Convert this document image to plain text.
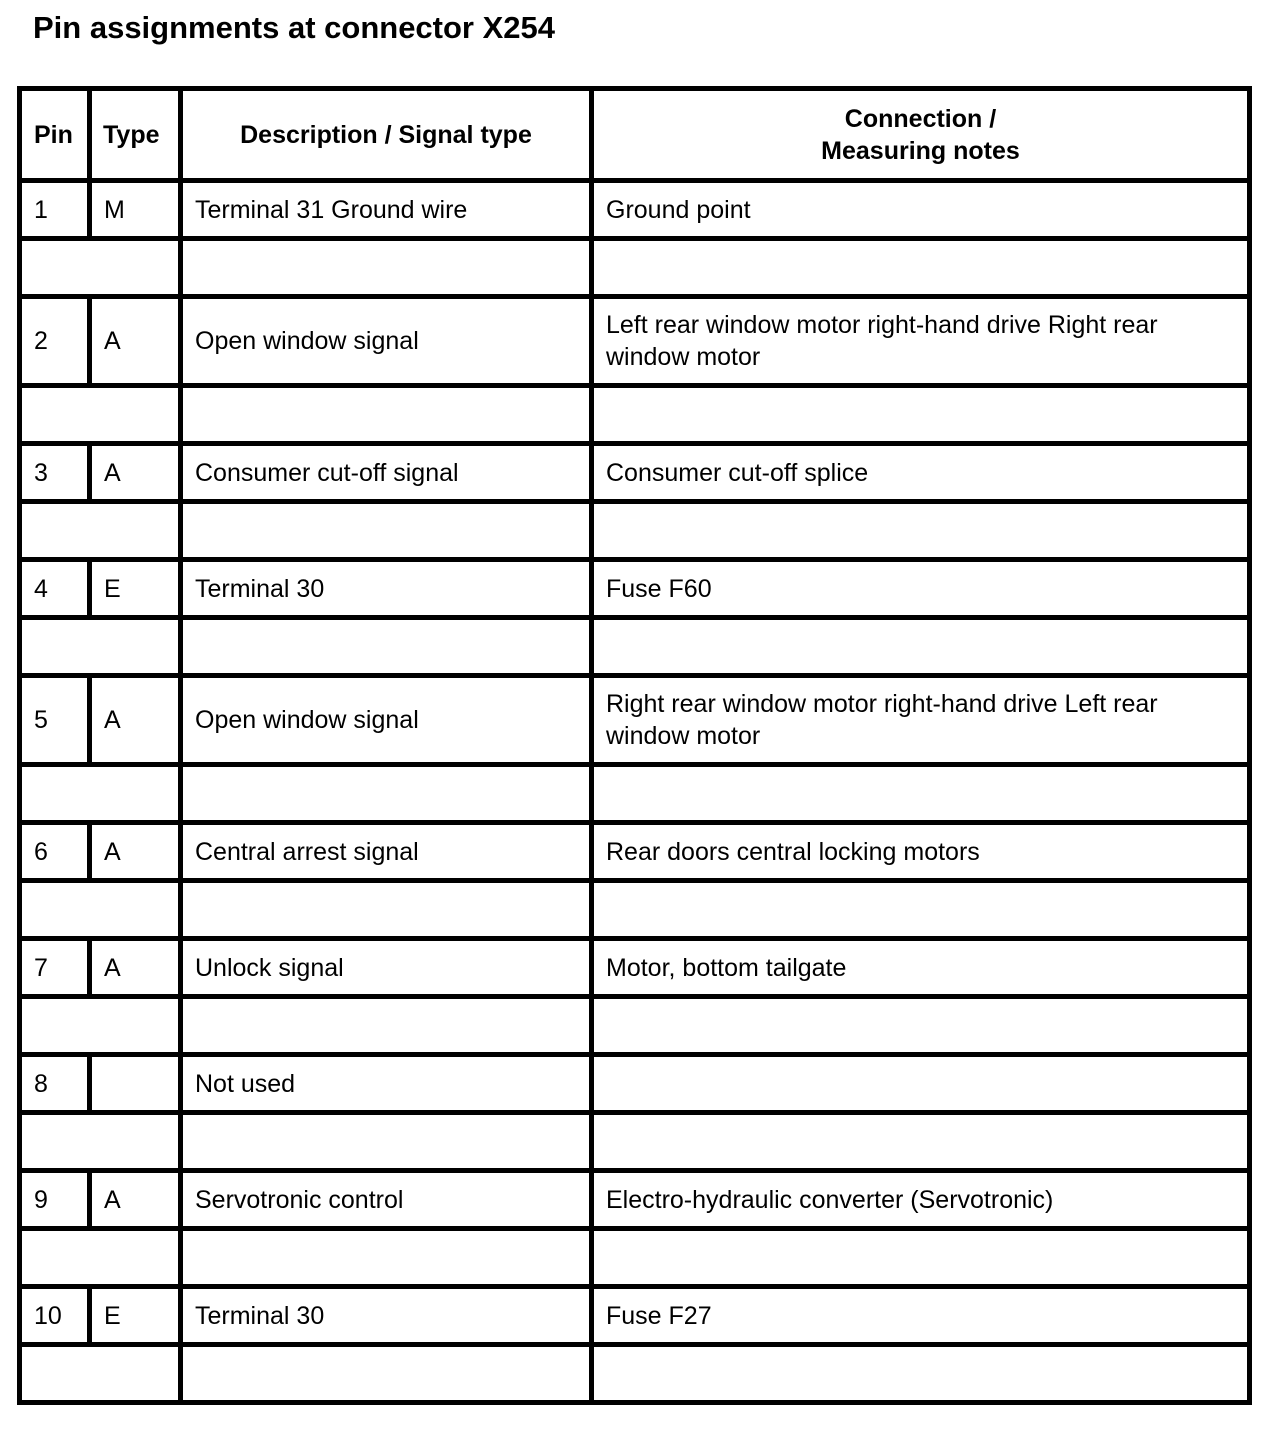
Pin assignments at connector X254
Pin	Type	Description / Signal type	Connection /
Measuring notes
1	M	Terminal 31 Ground wire	Ground point

2	A	Open window signal	Left rear window motor right-hand drive Right rear window motor

3	A	Consumer cut-off signal	Consumer cut-off splice

4	E	Terminal 30	Fuse F60

5	A	Open window signal	Right rear window motor right-hand drive Left rear window motor

6	A	Central arrest signal	Rear doors central locking motors

7	A	Unlock signal	Motor, bottom tailgate

8		Not used	

9	A	Servotronic control	Electro-hydraulic converter (Servotronic)

10	E	Terminal 30	Fuse F27
